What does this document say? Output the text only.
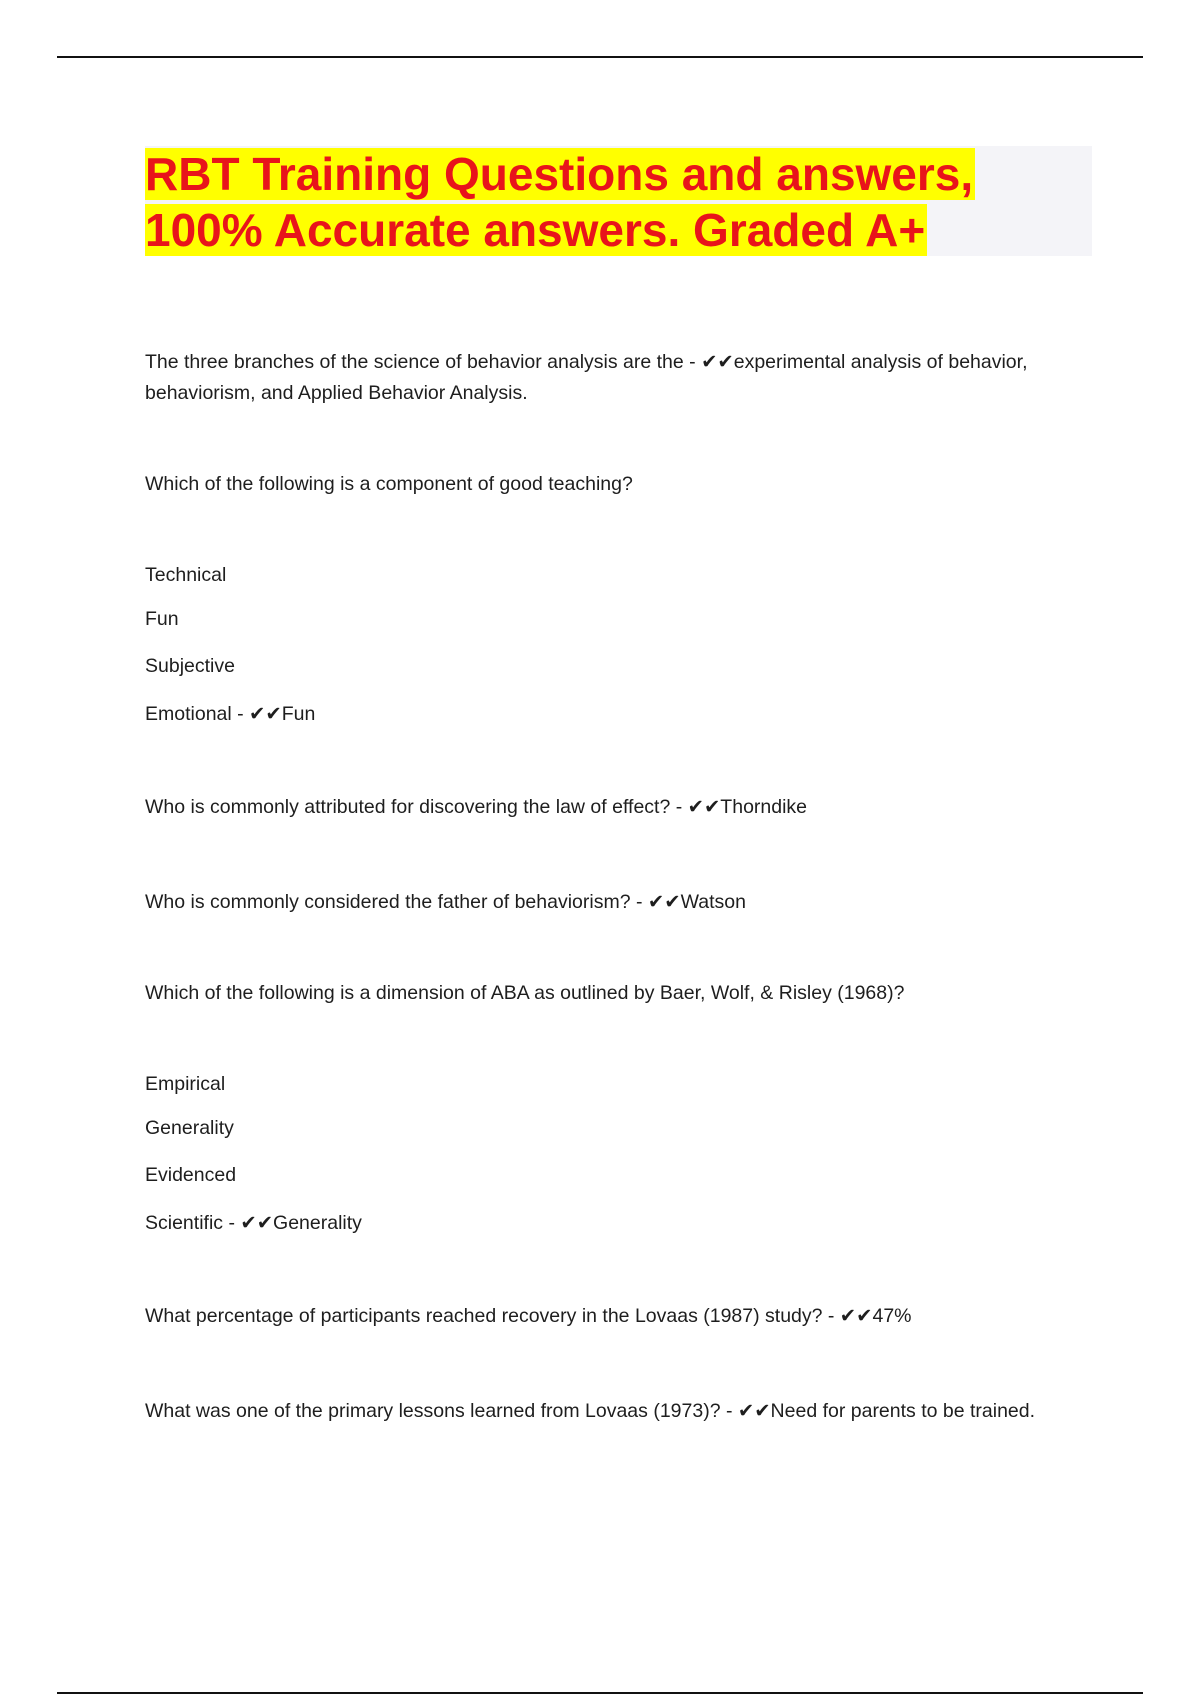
RBT Training Questions and answers,
100% Accurate answers. Graded A+

The three branches of the science of behavior analysis are the - ✔✔experimental analysis of behavior,

behaviorism, and Applied Behavior Analysis.

Which of the following is a component of good teaching?

Technical

Fun

Subjective

Emotional - ✔✔Fun

Who is commonly attributed for discovering the law of effect? - ✔✔Thorndike

Who is commonly considered the father of behaviorism? - ✔✔Watson

Which of the following is a dimension of ABA as outlined by Baer, Wolf, & Risley (1968)?

Empirical

Generality

Evidenced

Scientific - ✔✔Generality

What percentage of participants reached recovery in the Lovaas (1987) study? - ✔✔47%

What was one of the primary lessons learned from Lovaas (1973)? - ✔✔Need for parents to be trained.
